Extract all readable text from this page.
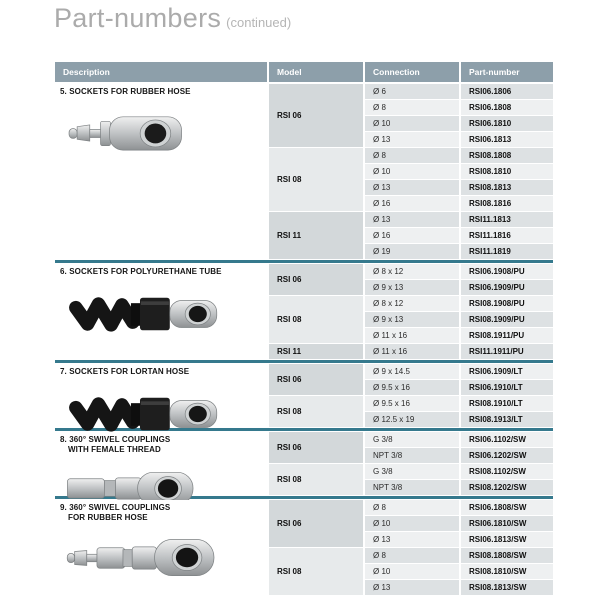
Part-numbers (continued)
Description	Model	Connection	Part-number
5. SOCKETS FOR RUBBER HOSE
RSI 06
Ø 6	RSI06.1806
Ø 8	RSI06.1808
Ø 10	RSI06.1810
Ø 13	RSI06.1813
RSI 08
Ø 8	RSI08.1808
Ø 10	RSI08.1810
Ø 13	RSI08.1813
Ø 16	RSI08.1816
RSI 11
Ø 13	RSI11.1813
Ø 16	RSI11.1816
Ø 19	RSI11.1819
6. SOCKETS FOR POLYURETHANE TUBE
RSI 06
Ø 8 x 12	RSI06.1908/PU
Ø 9 x 13	RSI06.1909/PU
RSI 08
Ø 8 x 12	RSI08.1908/PU
Ø 9 x 13	RSI08.1909/PU
Ø 11 x 16	RSI08.1911/PU
RSI 11	Ø 11 x 16	RSI11.1911/PU
7. SOCKETS FOR LORTAN HOSE
RSI 06
Ø 9 x 14.5	RSI06.1909/LT
Ø 9.5 x 16	RSI06.1910/LT
RSI 08
Ø 9.5 x 16	RSI08.1910/LT
Ø 12.5 x 19	RSI08.1913/LT
8. 360° SWIVEL COUPLINGS
WITH FEMALE THREAD	RSI 06
G 3/8	RSI06.1102/SW
NPT 3/8	RSI06.1202/SW
RSI 08
G 3/8	RSI08.1102/SW
NPT 3/8	RSI08.1202/SW
9. 360° SWIVEL COUPLINGS
FOR RUBBER HOSE
RSI 06
Ø 8	RSI06.1808/SW
Ø 10	RSI06.1810/SW
Ø 13	RSI06.1813/SW
RSI 08
Ø 8	RSI08.1808/SW
Ø 10	RSI08.1810/SW
Ø 13	RSI08.1813/SW
